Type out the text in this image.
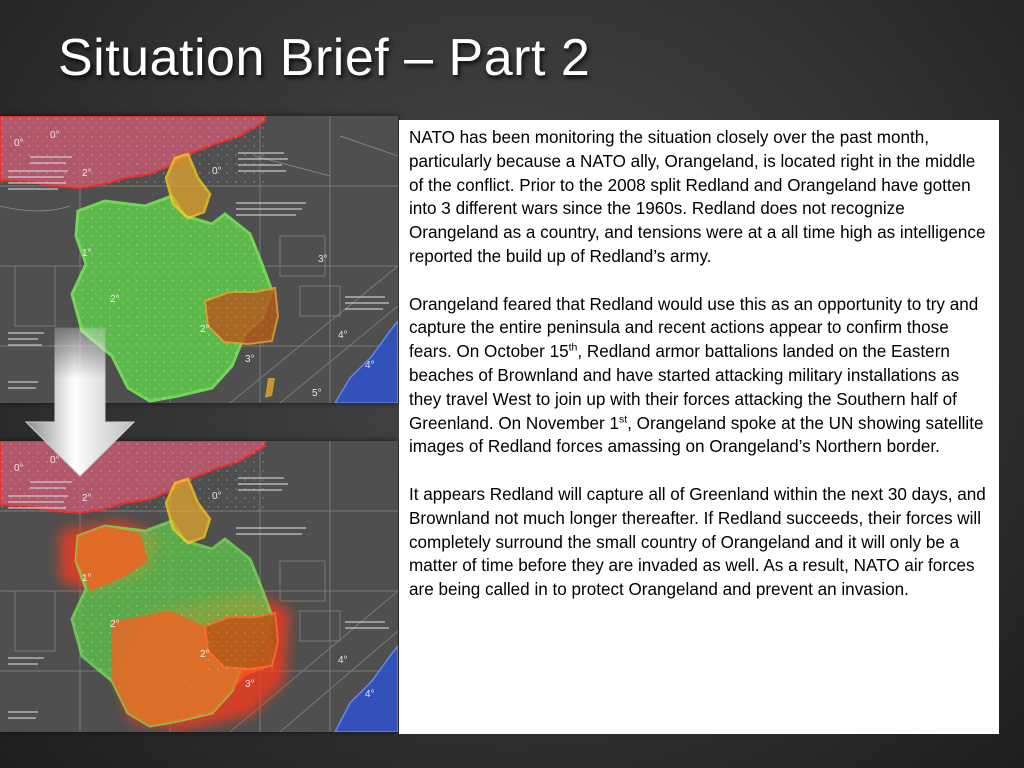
Situation Brief – Part 2
0°
0°
2°	0°
1°
3°
2°
2°
4°
3°
4°
5°
0°
0°
2°	0°
1°
2°
2°
3°
4°
4°

NATO has been monitoring the situation closely over the past month, particularly because a NATO ally, Orangeland, is located right in the middle of the conflict. Prior to the 2008 split Redland and Orangeland have gotten into 3 different wars since the 1960s. Redland does not recognize Orangeland as a country, and tensions were at a all time high as intelligence reported the build up of Redland’s army.

Orangeland feared that Redland would use this as an opportunity to try and capture the entire peninsula and recent actions appear to confirm those fears. On October 15th, Redland armor battalions landed on the Eastern beaches of Brownland and have started attacking military installations as they travel West to join up with their forces attacking the Southern half of Greenland. On November 1st, Orangeland spoke at the UN showing satellite images of Redland forces amassing on Orangeland’s Northern border.

It appears Redland will capture all of Greenland within the next 30 days, and Brownland not much longer thereafter. If Redland succeeds, their forces will completely surround the small country of Orangeland and it will only be a matter of time before they are invaded as well. As a result, NATO air forces are being called in to protect Orangeland and prevent an invasion.
